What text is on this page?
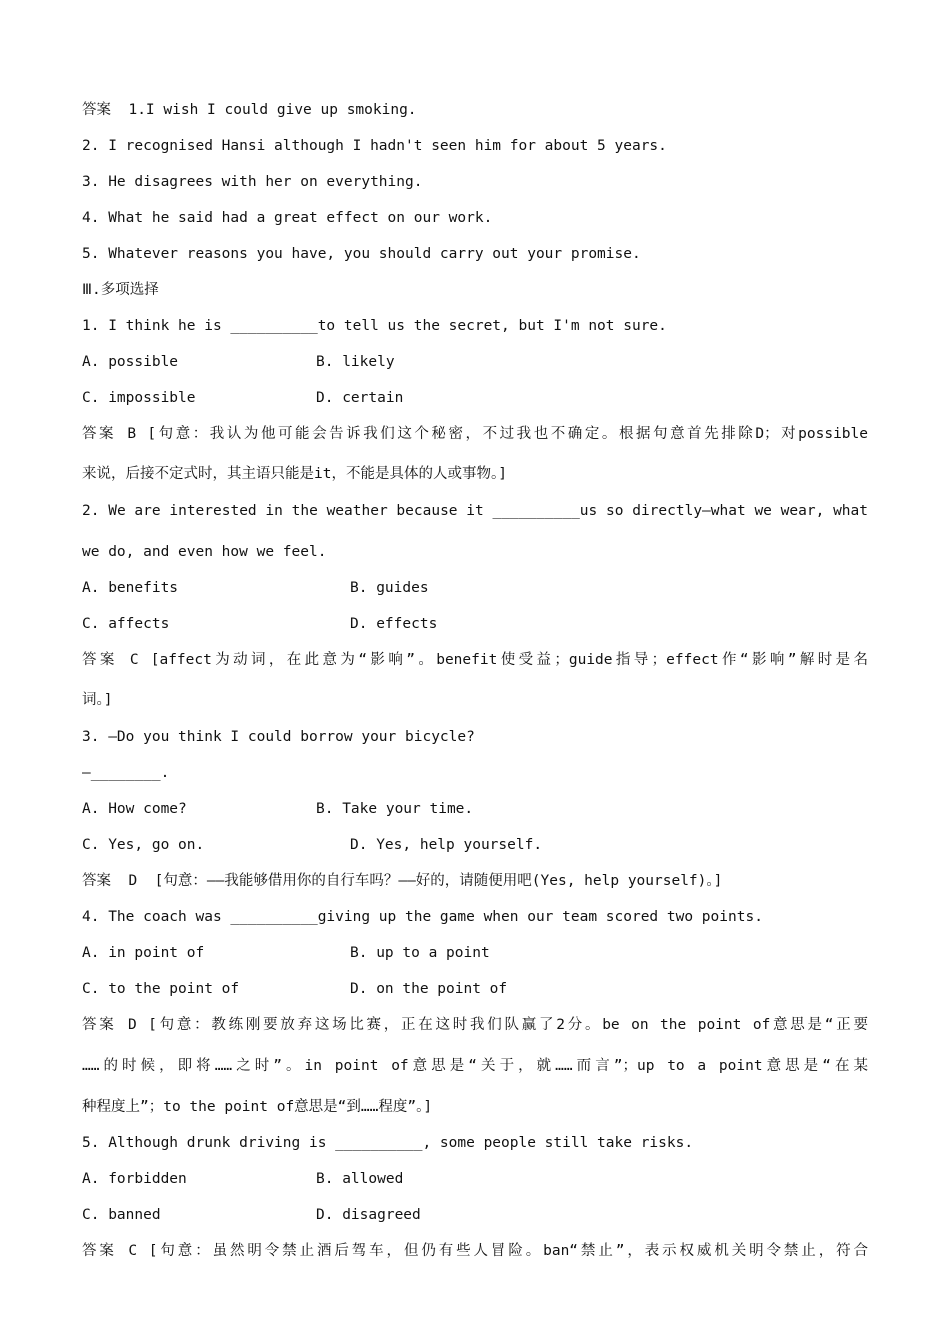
答案  1.I wish I could give up smoking.
2. I recognised Hansi although I hadn't seen him for about 5 years.
3. He disagrees with her on everything.
4. What he said had a great effect on our work.
5. Whatever reasons you have, you should carry out your promise.
Ⅲ.多项选择
1. I think he is __________to tell us the secret, but I'm not sure.
A. possible	B. likely
C. impossible	D. certain
答案 B [句意：我认为他可能会告诉我们这个秘密，不过我也不确定。根据句意首先排除D；对possible
来说，后接不定式时，其主语只能是it，不能是具体的人或事物。]
2. We are interested in the weather because it __________us so directly—what we wear, what
we do, and even how we feel.
A. benefits	B. guides
C. affects	D. effects
答案 C [affect为动词，在此意为“影响”。benefit使受益；guide指导；effect作“影响”解时是名
词。]
3. —Do you think I could borrow your bicycle?
—________.
A. How come?	B. Take your time.
C. Yes, go on.	D. Yes, help yourself.
答案  D  [句意：——我能够借用你的自行车吗？——好的，请随便用吧(Yes, help yourself)。]
4. The coach was __________giving up the game when our team scored two points.
A. in point of	B. up to a point
C. to the point of	D. on the point of
答案 D [句意：教练刚要放弃这场比赛，正在这时我们队赢了2分。be on the point of意思是“正要
……的时候，即将……之时”。in point of意思是“关于，就……而言”；up to a point意思是“在某
种程度上”；to the point of意思是“到……程度”。]
5. Although drunk driving is __________, some people still take risks.
A. forbidden	B. allowed
C. banned	D. disagreed
答案 C [句意：虽然明令禁止酒后驾车，但仍有些人冒险。ban“禁止”，表示权威机关明令禁止，符合
